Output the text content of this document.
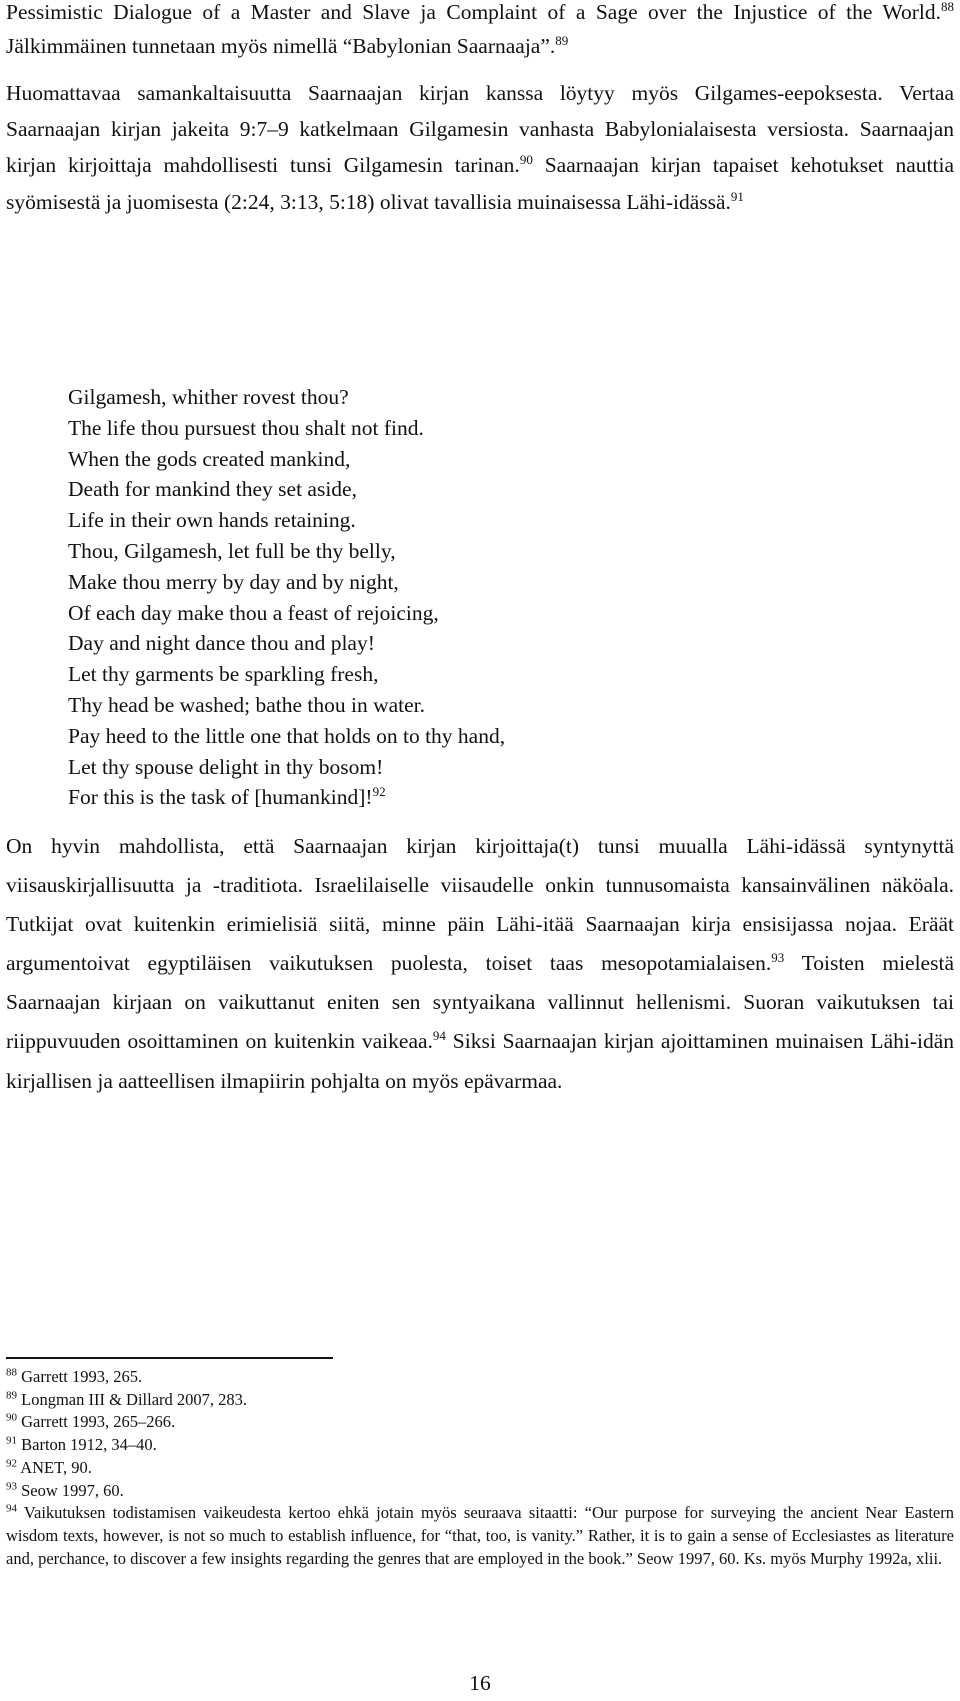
Pessimistic Dialogue of a Master and Slave ja Complaint of a Sage over the Injustice of the World.$^{88}$ Jälkimmäinen tunnetaan myös nimellä “Babylonian Saarnaaja”.$^{89}$

Huomattavaa samankaltaisuutta Saarnaajan kirjan kanssa löytyy myös Gilgames-eepoksesta. Vertaa Saarnaajan kirjan jakeita 9:7–9 katkelmaan Gilgamesin vanhasta Babylonialaisesta versiosta. Saarnaajan kirjan kirjoittaja mahdollisesti tunsi Gilgamesin tarinan.$^{90}$ Saarnaajan kirjan tapaiset kehotukset nauttia syömisestä ja juomisesta (2:24, 3:13, 5:18) olivat tavallisia muinaisessa Lähi-idässä.$^{91}$

Gilgamesh, whither rovest thou?
The life thou pursuest thou shalt not find.
When the gods created mankind,
Death for mankind they set aside,
Life in their own hands retaining.
Thou, Gilgamesh, let full be thy belly,
Make thou merry by day and by night,
Of each day make thou a feast of rejoicing,
Day and night dance thou and play!
Let thy garments be sparkling fresh,
Thy head be washed; bathe thou in water.
Pay heed to the little one that holds on to thy hand,
Let thy spouse delight in thy bosom!
For this is the task of [humankind]!$^{92}$

On hyvin mahdollista, että Saarnaajan kirjan kirjoittaja(t) tunsi muualla Lähi-idässä syntynyttä viisauskirjallisuutta ja -traditiota. Israelilaiselle viisaudelle onkin tunnusomaista kansainvälinen näköala. Tutkijat ovat kuitenkin erimielisiä siitä, minne päin Lähi-itää Saarnaajan kirja ensisijassa nojaa. Eräät argumentoivat egyptiläisen vaikutuksen puolesta, toiset taas mesopotamialaisen.$^{93}$ Toisten mielestä Saarnaajan kirjaan on vaikuttanut eniten sen syntyaikana vallinnut hellenismi. Suoran vaikutuksen tai riippuvuuden osoittaminen on kuitenkin vaikeaa.$^{94}$ Siksi Saarnaajan kirjan ajoittaminen muinaisen Lähi-idän kirjallisen ja aatteellisen ilmapiirin pohjalta on myös epävarmaa.

$^{88}$ Garrett 1993, 265.
$^{89}$ Longman III & Dillard 2007, 283.
$^{90}$ Garrett 1993, 265–266.
$^{91}$ Barton 1912, 34–40.
$^{92}$ ANET, 90.
$^{93}$ Seow 1997, 60.
$^{94}$ Vaikutuksen todistamisen vaikeudesta kertoo ehkä jotain myös seuraava sitaatti: “Our purpose for surveying the ancient Near Eastern wisdom texts, however, is not so much to establish influence, for “that, too, is vanity.” Rather, it is to gain a sense of Ecclesiastes as literature and, perchance, to discover a few insights regarding the genres that are employed in the book.” Seow 1997, 60. Ks. myös Murphy 1992a, xlii.
16
